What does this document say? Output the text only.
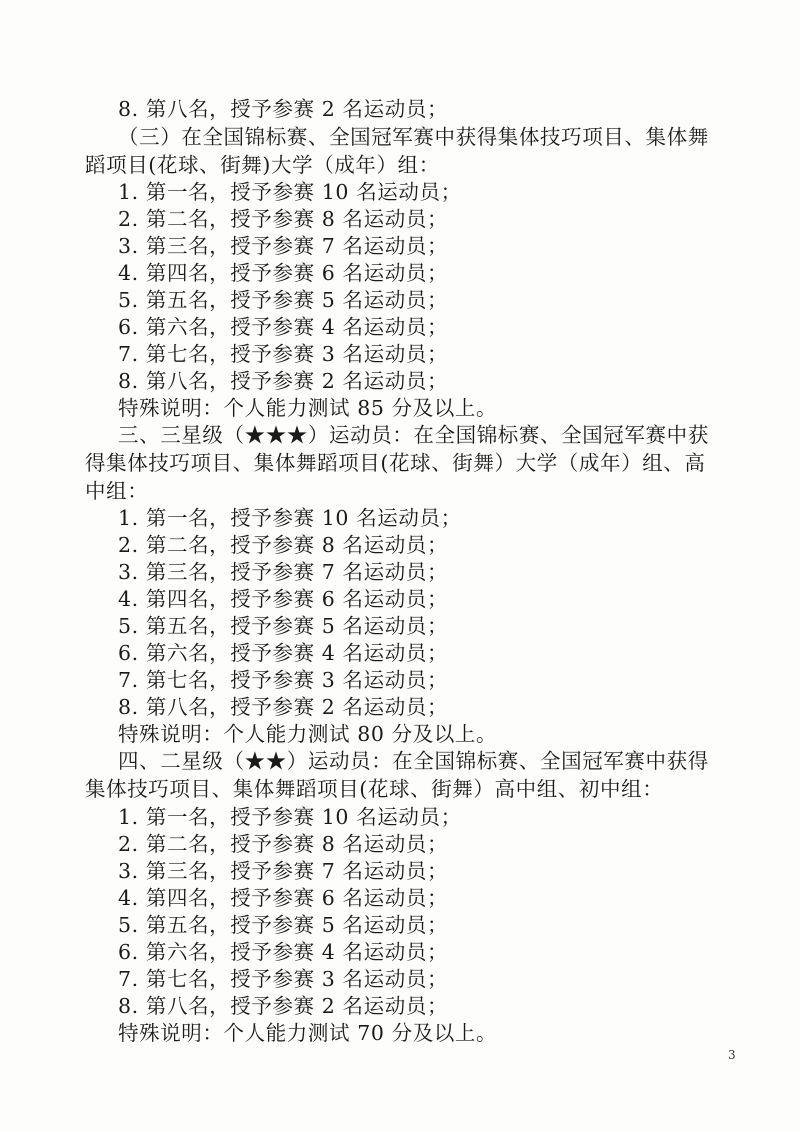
8. 第八名，授予参赛 2 名运动员；
（三）在全国锦标赛、全国冠军赛中获得集体技巧项目、集体舞
蹈项目(花球、街舞)大学（成年）组：
1. 第一名，授予参赛 10 名运动员；
2. 第二名，授予参赛 8 名运动员；
3. 第三名，授予参赛 7 名运动员；
4. 第四名，授予参赛 6 名运动员；
5. 第五名，授予参赛 5 名运动员；
6. 第六名，授予参赛 4 名运动员；
7. 第七名，授予参赛 3 名运动员；
8. 第八名，授予参赛 2 名运动员；
特殊说明：个人能力测试 85 分及以上。
三、三星级（★★★）运动员：在全国锦标赛、全国冠军赛中获
得集体技巧项目、集体舞蹈项目(花球、街舞）大学（成年）组、高
中组：
1. 第一名，授予参赛 10 名运动员；
2. 第二名，授予参赛 8 名运动员；
3. 第三名，授予参赛 7 名运动员；
4. 第四名，授予参赛 6 名运动员；
5. 第五名，授予参赛 5 名运动员；
6. 第六名，授予参赛 4 名运动员；
7. 第七名，授予参赛 3 名运动员；
8. 第八名，授予参赛 2 名运动员；
特殊说明：个人能力测试 80 分及以上。
四、二星级（★★）运动员：在全国锦标赛、全国冠军赛中获得
集体技巧项目、集体舞蹈项目(花球、街舞）高中组、初中组：
1. 第一名，授予参赛 10 名运动员；
2. 第二名，授予参赛 8 名运动员；
3. 第三名，授予参赛 7 名运动员；
4. 第四名，授予参赛 6 名运动员；
5. 第五名，授予参赛 5 名运动员；
6. 第六名，授予参赛 4 名运动员；
7. 第七名，授予参赛 3 名运动员；
8. 第八名，授予参赛 2 名运动员；
特殊说明：个人能力测试 70 分及以上。
3
